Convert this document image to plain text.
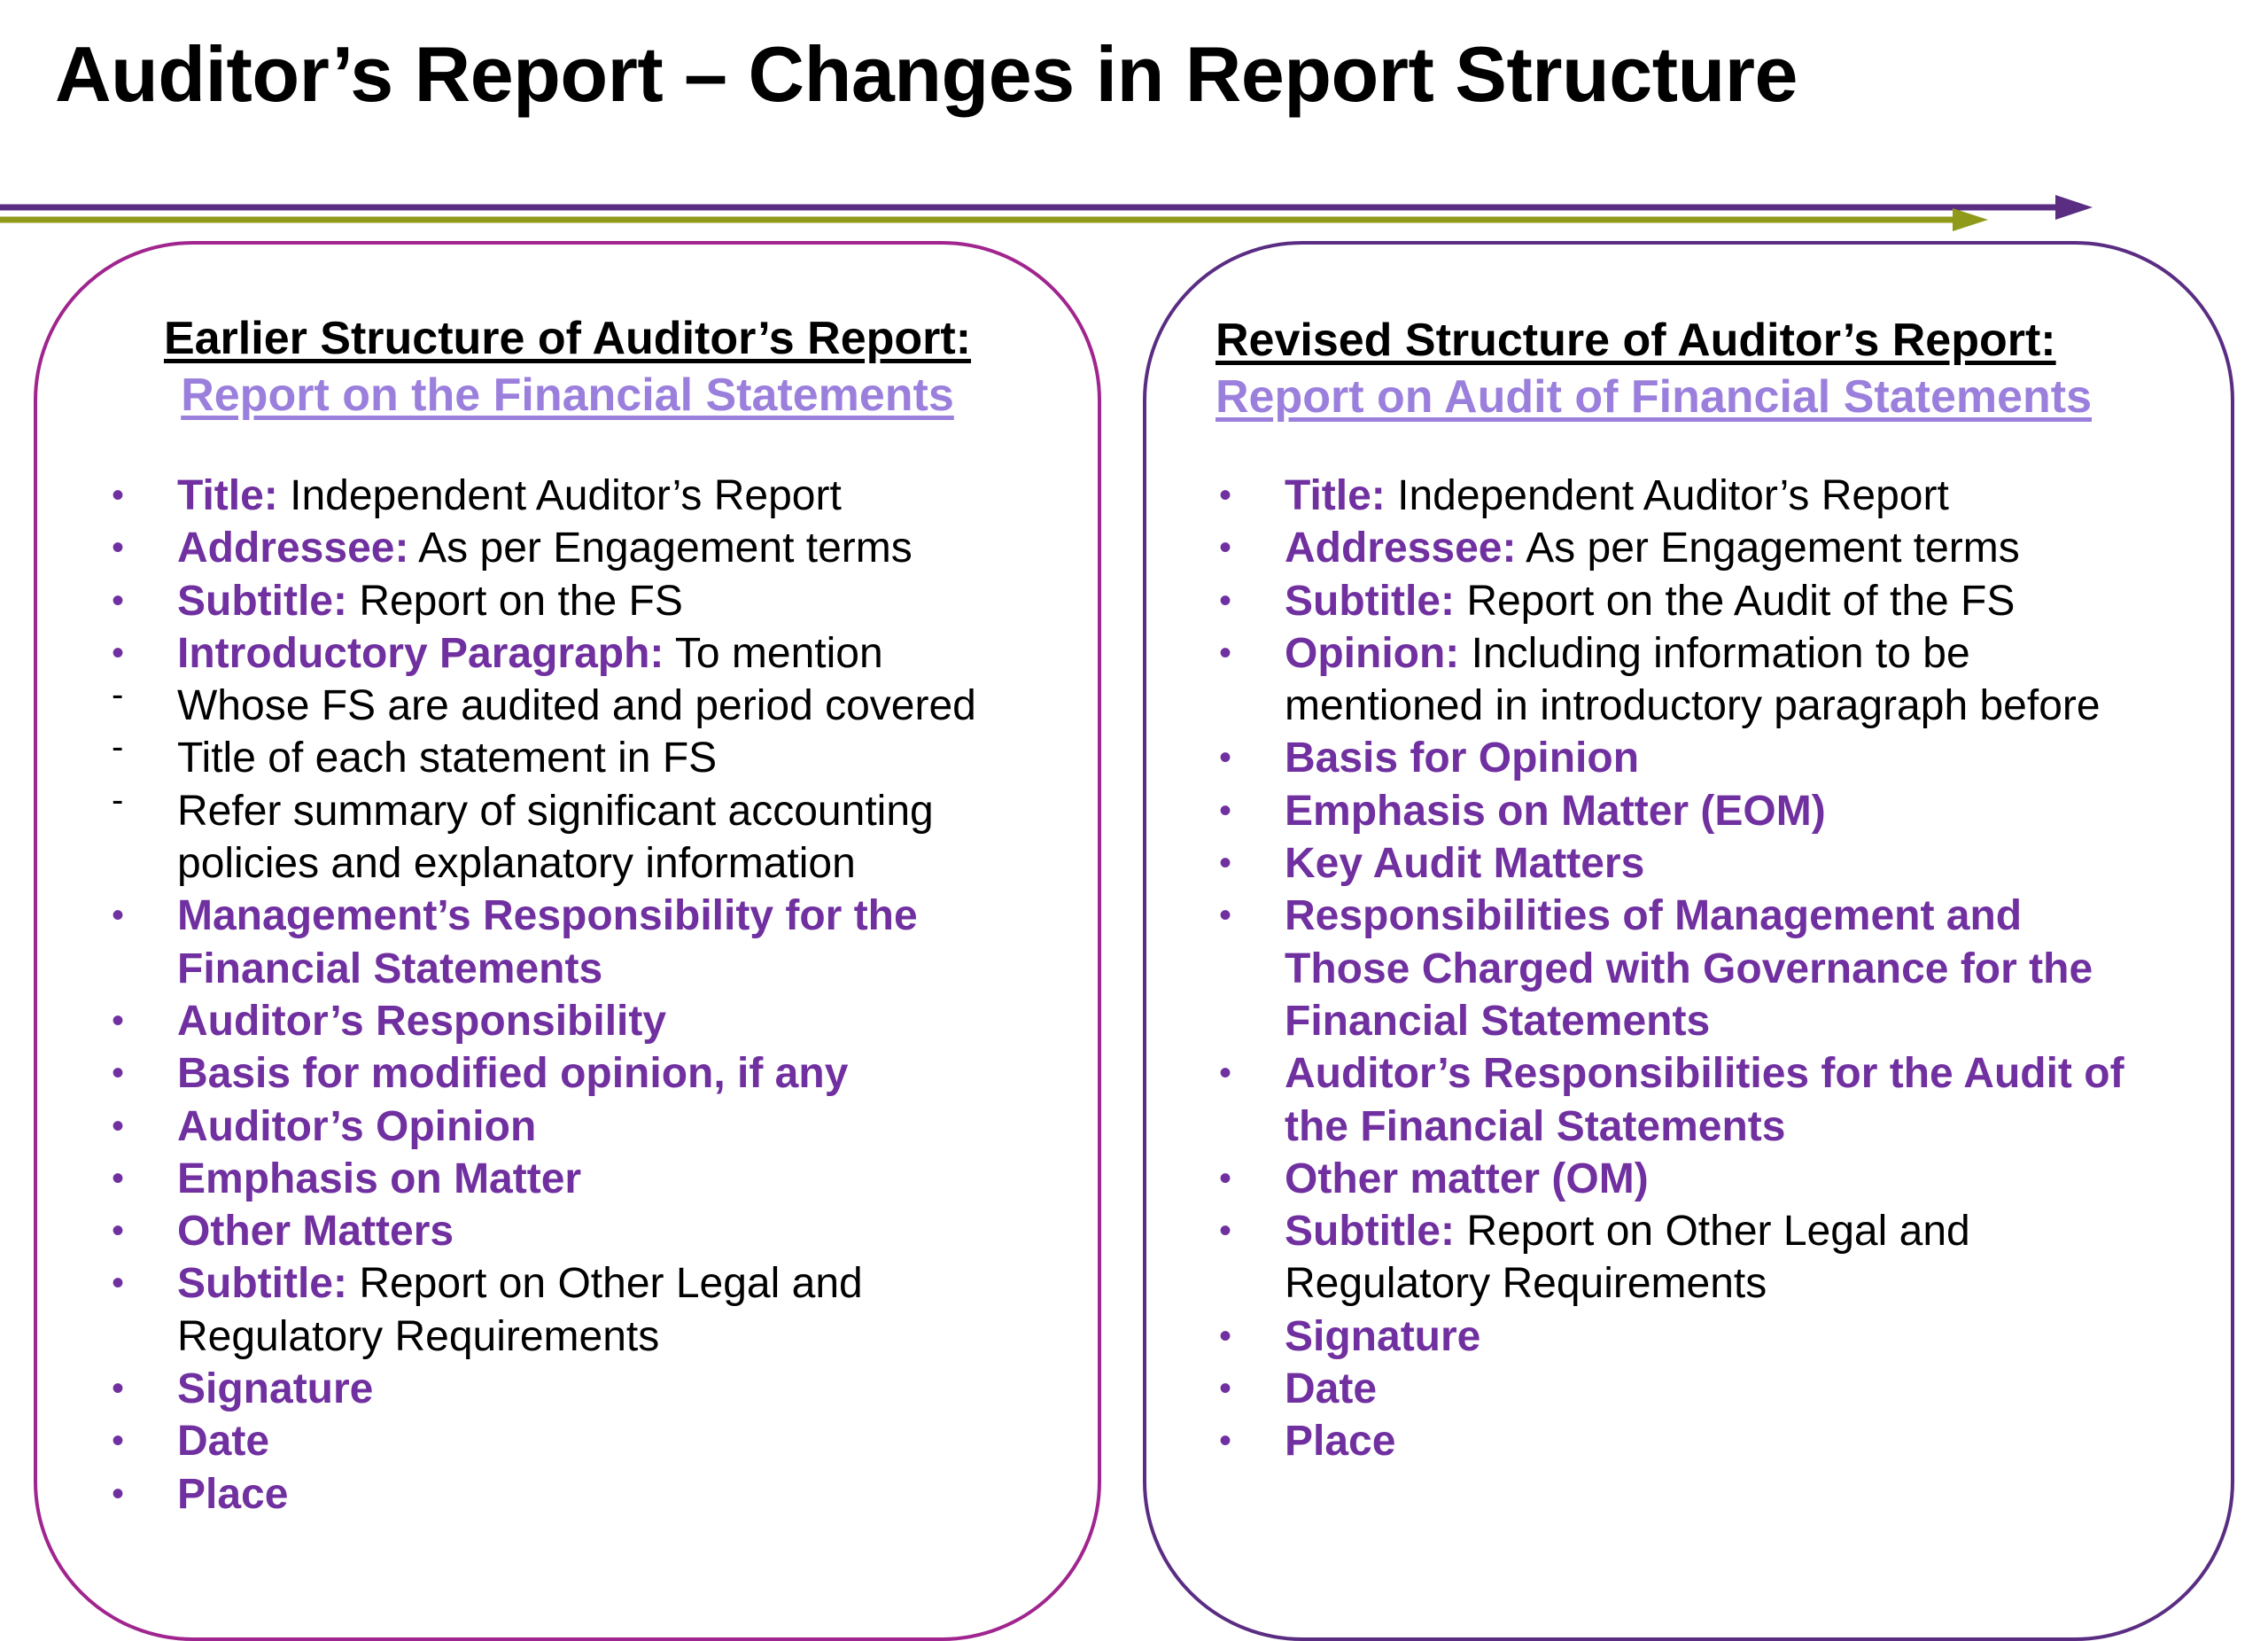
Auditor’s Report – Changes in Report Structure
Earlier Structure of Auditor’s Report:
Report on the Financial Statements
•	Title: Independent Auditor’s Report
•	Addressee: As per Engagement terms
•	Subtitle: Report on the FS
•	Introductory Paragraph: To mention
-	Whose FS are audited and period covered
-	Title of each statement in FS
-	Refer summary of significant accounting
policies and explanatory information
•	Management’s Responsibility for the
Financial Statements
•	Auditor’s Responsibility
•	Basis for modified opinion, if any
•	Auditor’s Opinion
•	Emphasis on Matter
•	Other Matters
•	Subtitle: Report on Other Legal and
Regulatory Requirements
•	Signature
•	Date
•	Place
Revised Structure of Auditor’s Report:
Report on Audit of Financial Statements
•	Title: Independent Auditor’s Report
•	Addressee: As per Engagement terms
•	Subtitle: Report on the Audit of the FS
•	Opinion: Including information to be
mentioned in introductory paragraph before
•	Basis for Opinion
•	Emphasis on Matter (EOM)
•	Key Audit Matters
•	Responsibilities of Management and
Those Charged with Governance for the
Financial Statements
•	Auditor’s Responsibilities for the Audit of
the Financial Statements
•	Other matter (OM)
•	Subtitle: Report on Other Legal and
Regulatory Requirements
•	Signature
•	Date
•	Place
